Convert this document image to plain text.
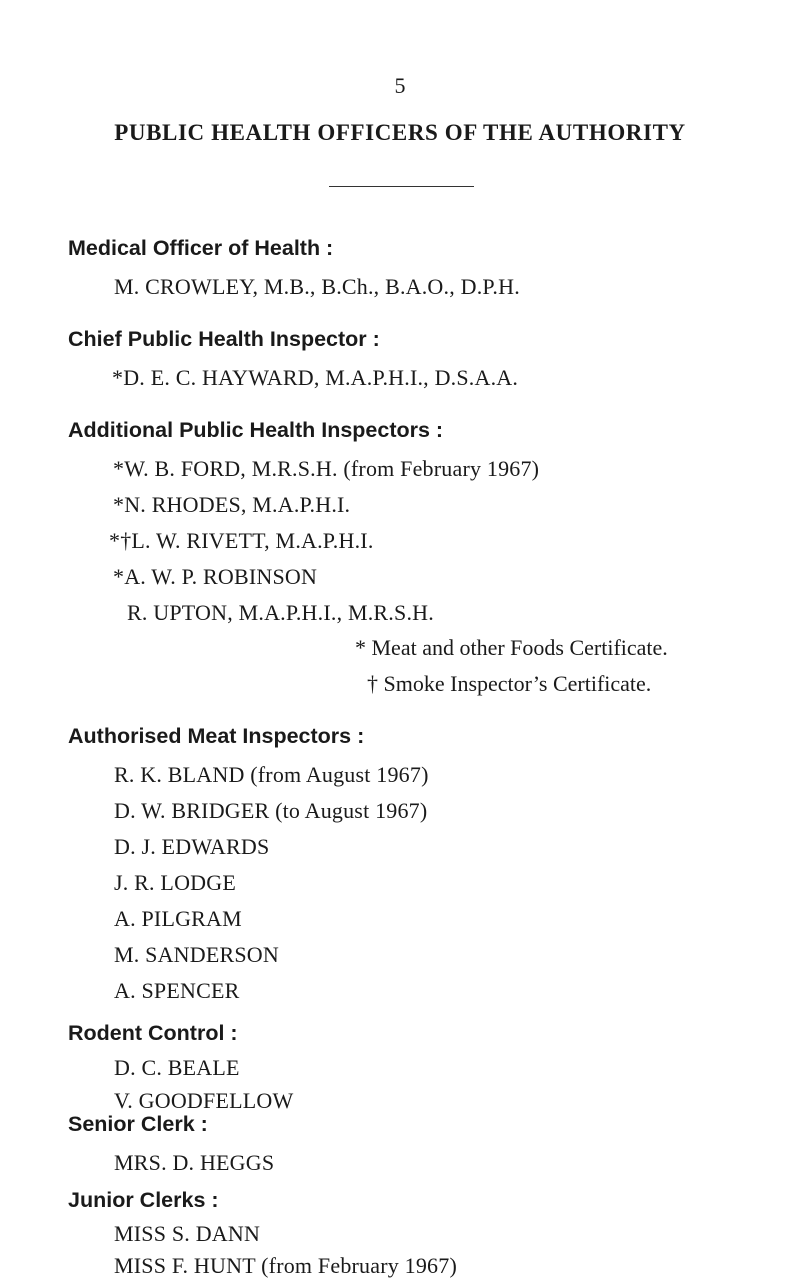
5
PUBLIC HEALTH OFFICERS OF THE AUTHORITY
Medical Officer of Health :
M. CROWLEY, M.B., B.Ch., B.A.O., D.P.H.
Chief Public Health Inspector :
*D. E. C. HAYWARD, M.A.P.H.I., D.S.A.A.
Additional Public Health Inspectors :
*W. B. FORD, M.R.S.H. (from February 1967)
*N. RHODES, M.A.P.H.I.
*†L. W. RIVETT, M.A.P.H.I.
*A. W. P. ROBINSON
R. UPTON, M.A.P.H.I., M.R.S.H.
* Meat and other Foods Certificate.
† Smoke Inspector’s Certificate.
Authorised Meat Inspectors :
R. K. BLAND (from August 1967)
D. W. BRIDGER (to August 1967)
D. J. EDWARDS
J. R. LODGE
A. PILGRAM
M. SANDERSON
A. SPENCER
Rodent Control :
D. C. BEALE
V. GOODFELLOW
Senior Clerk :
MRS. D. HEGGS
Junior Clerks :
MISS S. DANN
MISS F. HUNT (from February 1967)
